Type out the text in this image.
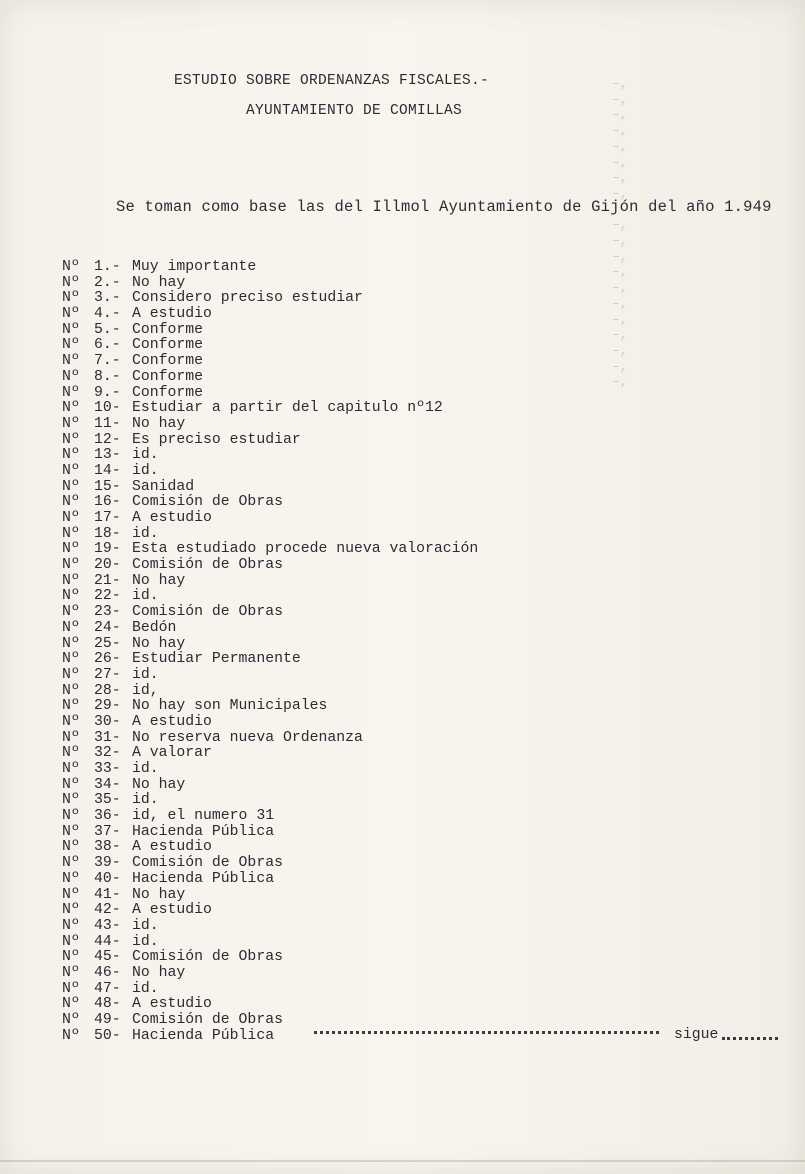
‒,
‒,
‒,
‒,
‒,
‒,
‒,
‒,

‒,
‒,
‒,
‒,
‒,
‒,
‒,
‒,
‒,
‒,
‒,
ESTUDIO SOBRE ORDENANZAS FISCALES.-
AYUNTAMIENTO DE COMILLAS
Se toman como base las del Illmol Ayuntamiento de Gijón del año 1.949
Nº 1.- Muy importante
Nº 2.- No hay
Nº 3.- Considero preciso estudiar
Nº 4.- A estudio
Nº 5.- Conforme
Nº 6.- Conforme
Nº 7.- Conforme
Nº 8.- Conforme
Nº 9.- Conforme
Nº 10- Estudiar a partir del capitulo nº12
Nº 11- No hay
Nº 12- Es preciso estudiar
Nº 13- id.
Nº 14- id.
Nº 15- Sanidad
Nº 16- Comisión de Obras
Nº 17- A estudio
Nº 18- id.
Nº 19- Esta estudiado procede nueva valoración
Nº 20- Comisión de Obras
Nº 21- No hay
Nº 22- id.
Nº 23- Comisión de Obras
Nº 24- Bedón
Nº 25- No hay
Nº 26- Estudiar Permanente
Nº 27- id.
Nº 28- id,
Nº 29- No hay son Municipales
Nº 30- A estudio
Nº 31- No reserva nueva Ordenanza
Nº 32- A valorar
Nº 33- id.
Nº 34- No hay
Nº 35- id.
Nº 36- id, el numero 31
Nº 37- Hacienda Pública
Nº 38- A estudio
Nº 39- Comisión de Obras
Nº 40- Hacienda Pública
Nº 41- No hay
Nº 42- A estudio
Nº 43- id.
Nº 44- id.
Nº 45- Comisión de Obras
Nº 46- No hay
Nº 47- id.
Nº 48- A estudio
Nº 49- Comisión de Obras
Nº 50- Hacienda Pública	sigue
